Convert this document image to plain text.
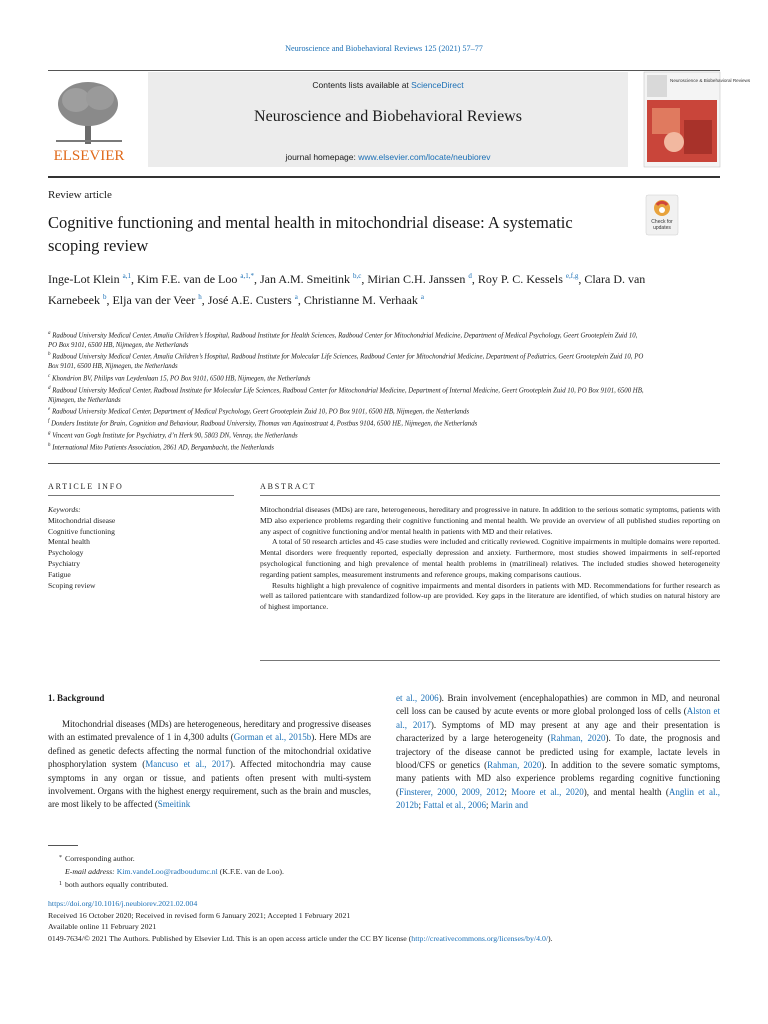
Neuroscience and Biobehavioral Reviews 125 (2021) 57–77
ELSEVIER
Contents lists available at ScienceDirect
Neuroscience and Biobehavioral Reviews
journal homepage: www.elsevier.com/locate/neubiorev
Neuroscience & Biobehavioral Reviews
Review article
Cognitive functioning and mental health in mitochondrial disease: A systematic scoping review
Check for
updates
Inge-Lot Klein $^{a,1}$, Kim F.E. van de Loo $^{a,1,*}$, Jan A.M. Smeitink $^{b,c}$, Mirian C.H. Janssen $^d$, Roy P. C. Kessels $^{e,f,g}$, Clara D. van Karnebeek $^b$, Elja van der Veer $^h$, José A.E. Custers $^a$, Christianne M. Verhaak $^a$
$^a$ Radboud University Medical Center, Amalia Children’s Hospital, Radboud Institute for Health Sciences, Radboud Center for Mitochondrial Medicine, Department of Medical Psychology, Geert Grooteplein Zuid 10, PO Box 9101, 6500 HB, Nijmegen, the Netherlands
$^b$ Radboud University Medical Center, Amalia Children’s Hospital, Radboud Institute for Molecular Life Sciences, Radboud Center for Mitochondrial Medicine, Department of Pediatrics, Geert Grooteplein Zuid 10, PO Box 9101, 6500 HB, Nijmegen, the Netherlands
$^c$ Khondrion BV, Philips van Leydenlaan 15, PO Box 9101, 6500 HB, Nijmegen, the Netherlands
$^d$ Radboud University Medical Center, Radboud Institute for Molecular Life Sciences, Radboud Center for Mitochondrial Medicine, Department of Internal Medicine, Geert Grooteplein Zuid 10, PO Box 9101, 6500 HB, Nijmegen, the Netherlands
$^e$ Radboud University Medical Center, Department of Medical Psychology, Geert Grooteplein Zuid 10, PO Box 9101, 6500 HB, Nijmegen, the Netherlands
$^f$ Donders Institute for Brain, Cognition and Behaviour, Radboud University, Thomas van Aquinostraat 4, Postbus 9104, 6500 HE, Nijmegen, the Netherlands
$^g$ Vincent van Gogh Institute for Psychiatry, d’n Herk 90, 5803 DN, Venray, the Netherlands
$^h$ International Mito Patients Association, 2861 AD, Bergambacht, the Netherlands
ARTICLE INFO	ABSTRACT
Keywords:
Mitochondrial disease
Cognitive functioning
Mental health
Psychology
Psychiatry
Fatigue
Scoping review

Mitochondrial diseases (MDs) are rare, heterogeneous, hereditary and progressive in nature. In addition to the serious somatic symptoms, patients with MD also experience problems regarding their cognitive functioning and mental health. We provide an overview of all published studies reporting on any aspect of cognitive functioning and/or mental health in patients with MD and their relatives.

A total of 50 research articles and 45 case studies were included and critically reviewed. Cognitive impairments in multiple domains were reported. Mental disorders were frequently reported, especially depression and anxiety. Furthermore, most studies showed impairments in self-reported psychological functioning and high prevalence of mental health problems in (matrilineal) relatives. The included studies showed heterogeneity regarding patient samples, measurement instruments and reference groups, making comparisons cautious.

Results highlight a high prevalence of cognitive impairments and mental disorders in patients with MD. Recommendations for further research as well as tailored patientcare with standardized follow-up are provided. Key gaps in the literature are identified, of which studies on natural history are of highest importance.

1. Background

Mitochondrial diseases (MDs) are heterogeneous, hereditary and progressive diseases with an estimated prevalence of 1 in 4,300 adults (Gorman et al., 2015b). Here MDs are defined as genetic defects affecting the normal function of the mitochondrial oxidative phosphorylation system (Mancuso et al., 2017). Affected mitochondria may cause symptoms in any organ or tissue, and patients often present with multi-system involvement. Organs with the highest energy requirement, such as the brain and muscles, are most likely to be affected (Smeitink

et al., 2006). Brain involvement (encephalopathies) are common in MD, and neuronal cell loss can be caused by acute events or more global prolonged loss of cells (Alston et al., 2017). Symptoms of MD may present at any age and their presentation is characterized by a large heterogeneity (Rahman, 2020). To date, the prognosis and trajectory of the disease cannot be predicted using for example, lactate levels in blood/CFS or genetics (Rahman, 2020). In addition to the severe somatic symptoms, many patients with MD also experience problems regarding cognitive functioning (Finsterer, 2000, 2009, 2012; Moore et al., 2020), and mental health (Anglin et al., 2012b; Fattal et al., 2006; Marin and

* Corresponding author.
E-mail address: Kim.vandeLoo@radboudumc.nl (K.F.E. van de Loo).
1 both authors equally contributed.
https://doi.org/10.1016/j.neubiorev.2021.02.004
Received 16 October 2020; Received in revised form 6 January 2021; Accepted 1 February 2021
Available online 11 February 2021
0149-7634/© 2021 The Authors. Published by Elsevier Ltd. This is an open access article under the CC BY license (http://creativecommons.org/licenses/by/4.0/).
